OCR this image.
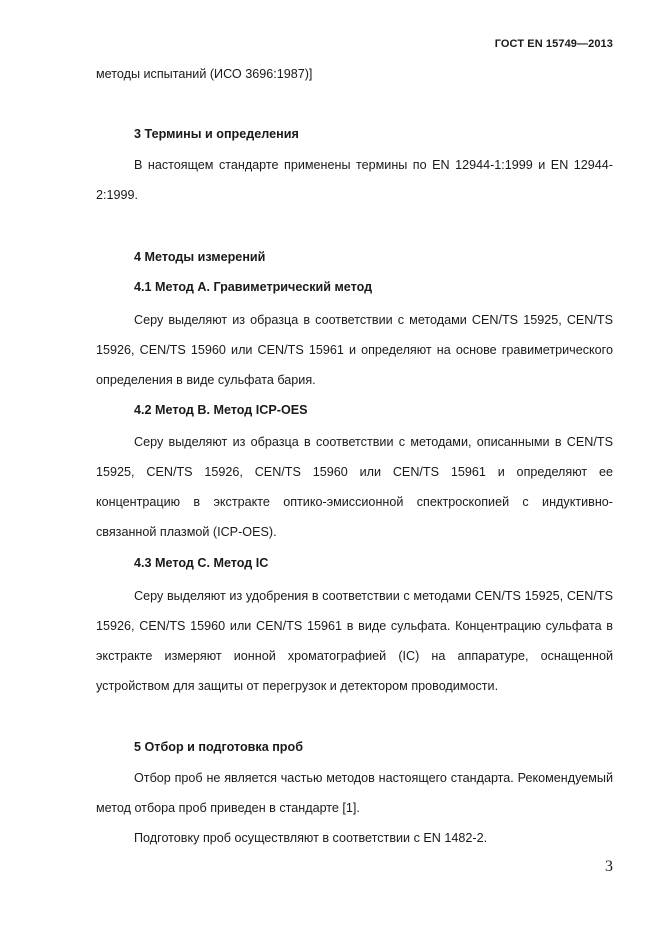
ГОСТ EN 15749—2013

методы испытаний (ИСО 3696:1987)]

3 Термины и определения

В настоящем стандарте применены термины по EN 12944-1:1999 и EN 12944-2:1999.

4 Методы измерений
4.1 Метод А. Гравиметрический метод

Серу выделяют из образца в соответствии с методами CEN/TS 15925, CEN/TS 15926, CEN/TS 15960 или CEN/TS 15961 и определяют на основе гравиметрического определения в виде сульфата бария.

4.2 Метод В. Метод ICP-OES

Серу выделяют из образца в соответствии с методами, описанными в CEN/TS 15925, CEN/TS 15926, CEN/TS 15960 или CEN/TS 15961 и определяют ее концентрацию в экстракте оптико-эмиссионной спектроскопией с индуктивно-связанной плазмой (ICP-OES).

4.3 Метод С. Метод IC

Серу выделяют из удобрения в соответствии с методами CEN/TS 15925, CEN/TS 15926, CEN/TS 15960 или CEN/TS 15961 в виде сульфата. Концентрацию сульфата в экстракте измеряют ионной хроматографией (IC) на аппаратуре, оснащенной устройством для защиты от перегрузок и детектором проводимости.

5 Отбор и подготовка проб

Отбор проб не является частью методов настоящего стандарта. Рекомендуемый метод отбора проб приведен в стандарте [1].

Подготовку проб осуществляют в соответствии с EN 1482-2.

3
